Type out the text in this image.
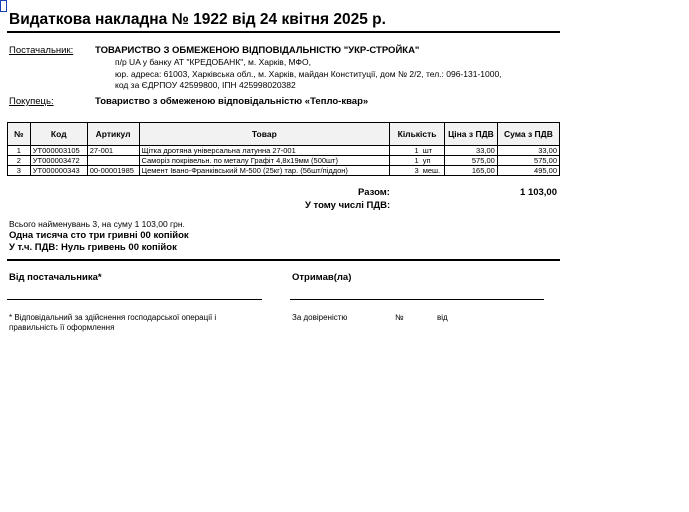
Видаткова накладна № 1922 від 24 квітня 2025 р.
Постачальник: ТОВАРИСТВО З ОБМЕЖЕНОЮ ВІДПОВІДАЛЬНІСТЮ "УКР-СТРОЙКА"
п/р UA у банку АТ "КРЕДОБАНК", м. Харків, МФО,
юр. адреса: 61003, Харківська обл., м. Харків, майдан Конституції, дом № 2/2, тел.: 096-131-1000,
код за ЄДРПОУ 42599800, ІПН 425998020382
Покупець:	Товариство з обмеженою відповідальністю «Тепло-квар»
№	Код	Артикул	Товар	Кількість		Ціна з ПДВ	Сума з ПДВ
1	УТ000003105	27-001	Щітка дротяна універсальна латунна 27-001	1	шт	33,00	33,00
2	УТ000003472		Саморіз покрівельн. по металу Графіт 4,8х19мм (500шт)	1	уп	575,00	575,00
3	УТ000000343	00-00001985	Цемент Івано-Франківський М-500 (25кг) тар. (56шт/піддон)	3	меш.	165,00	495,00
Разом:	1 103,00
У тому числі ПДВ:
Всього найменувань 3, на суму 1 103,00 грн.
Одна тисяча сто три гривні 00 копійок
У т.ч. ПДВ: Нуль гривень 00 копійок
Від постачальника*	Отримав(ла)
* Відповідальний за здійснення господарської операції і
правильність її оформлення
За довіреністю	№	від
